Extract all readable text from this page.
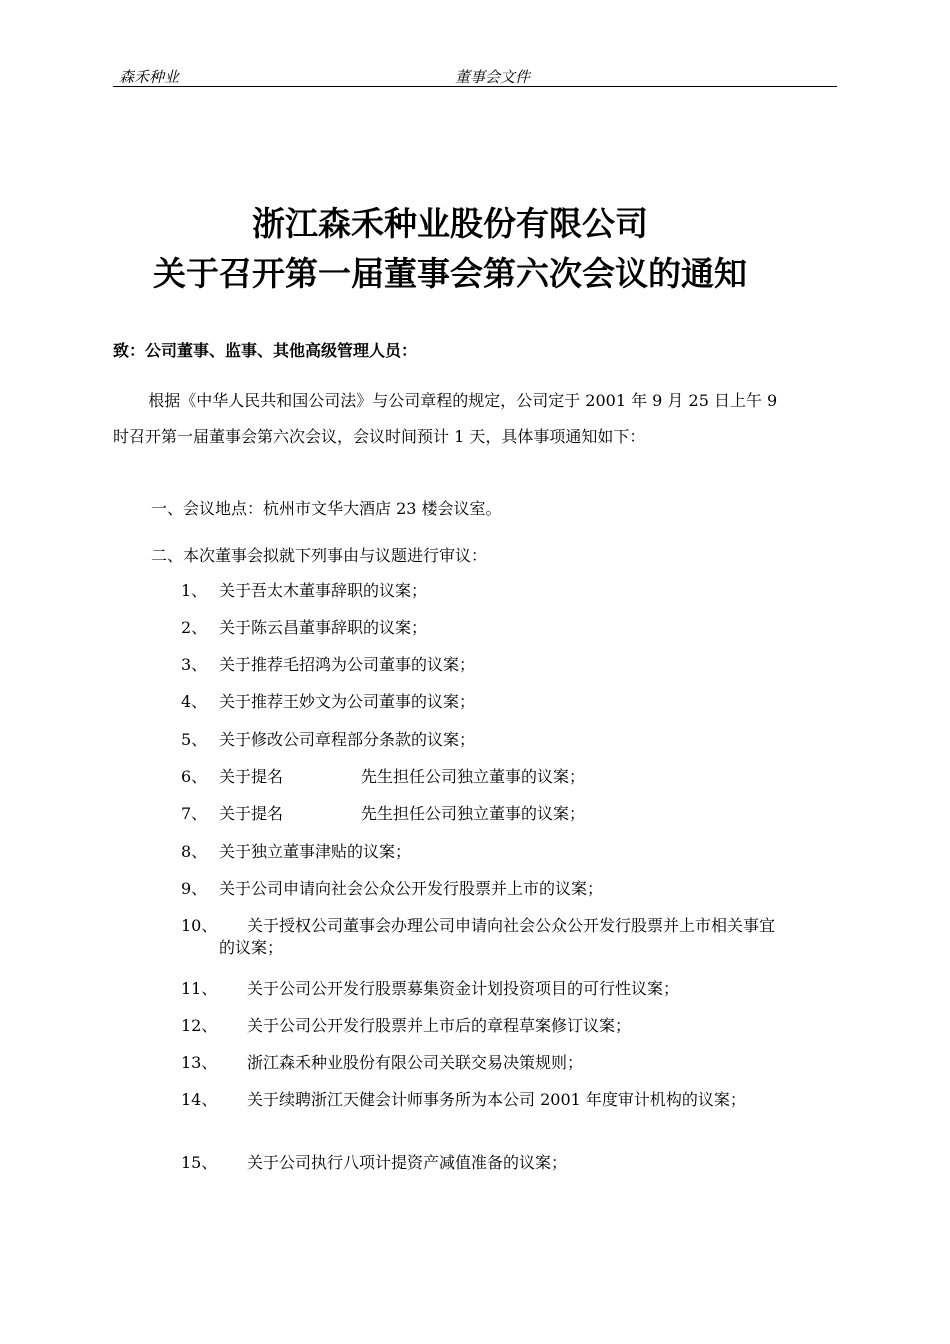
森禾种业	董事会文件
浙江森禾种业股份有限公司
关于召开第一届董事会第六次会议的通知
致：公司董事、监事、其他高级管理人员：
根据《中华人民共和国公司法》与公司章程的规定，公司定于 2001 年 9 月 25 日上午 9 时召开第一届董事会第六次会议，会议时间预计 1 天，具体事项通知如下：
一、会议地点：杭州市文华大酒店 23 楼会议室。
二、本次董事会拟就下列事由与议题进行审议：
1、 关于吾太木董事辞职的议案；
2、 关于陈云昌董事辞职的议案；
3、 关于推荐毛招鸿为公司董事的议案；
4、 关于推荐王妙文为公司董事的议案；
5、 关于修改公司章程部分条款的议案；
6、 关于提名	先生担任公司独立董事的议案；
7、 关于提名	先生担任公司独立董事的议案；
8、 关于独立董事津贴的议案；
9、 关于公司申请向社会公众公开发行股票并上市的议案；
10、	关于授权公司董事会办理公司申请向社会公众公开发行股票并上市相关事宜的议案；
11、 关于公司公开发行股票募集资金计划投资项目的可行性议案；
12、 关于公司公开发行股票并上市后的章程草案修订议案；
13、 浙江森禾种业股份有限公司关联交易决策规则；
14、	关于续聘浙江天健会计师事务所为本公司 2001 年度审计机构的议案；
15、 关于公司执行八项计提资产减值准备的议案；
